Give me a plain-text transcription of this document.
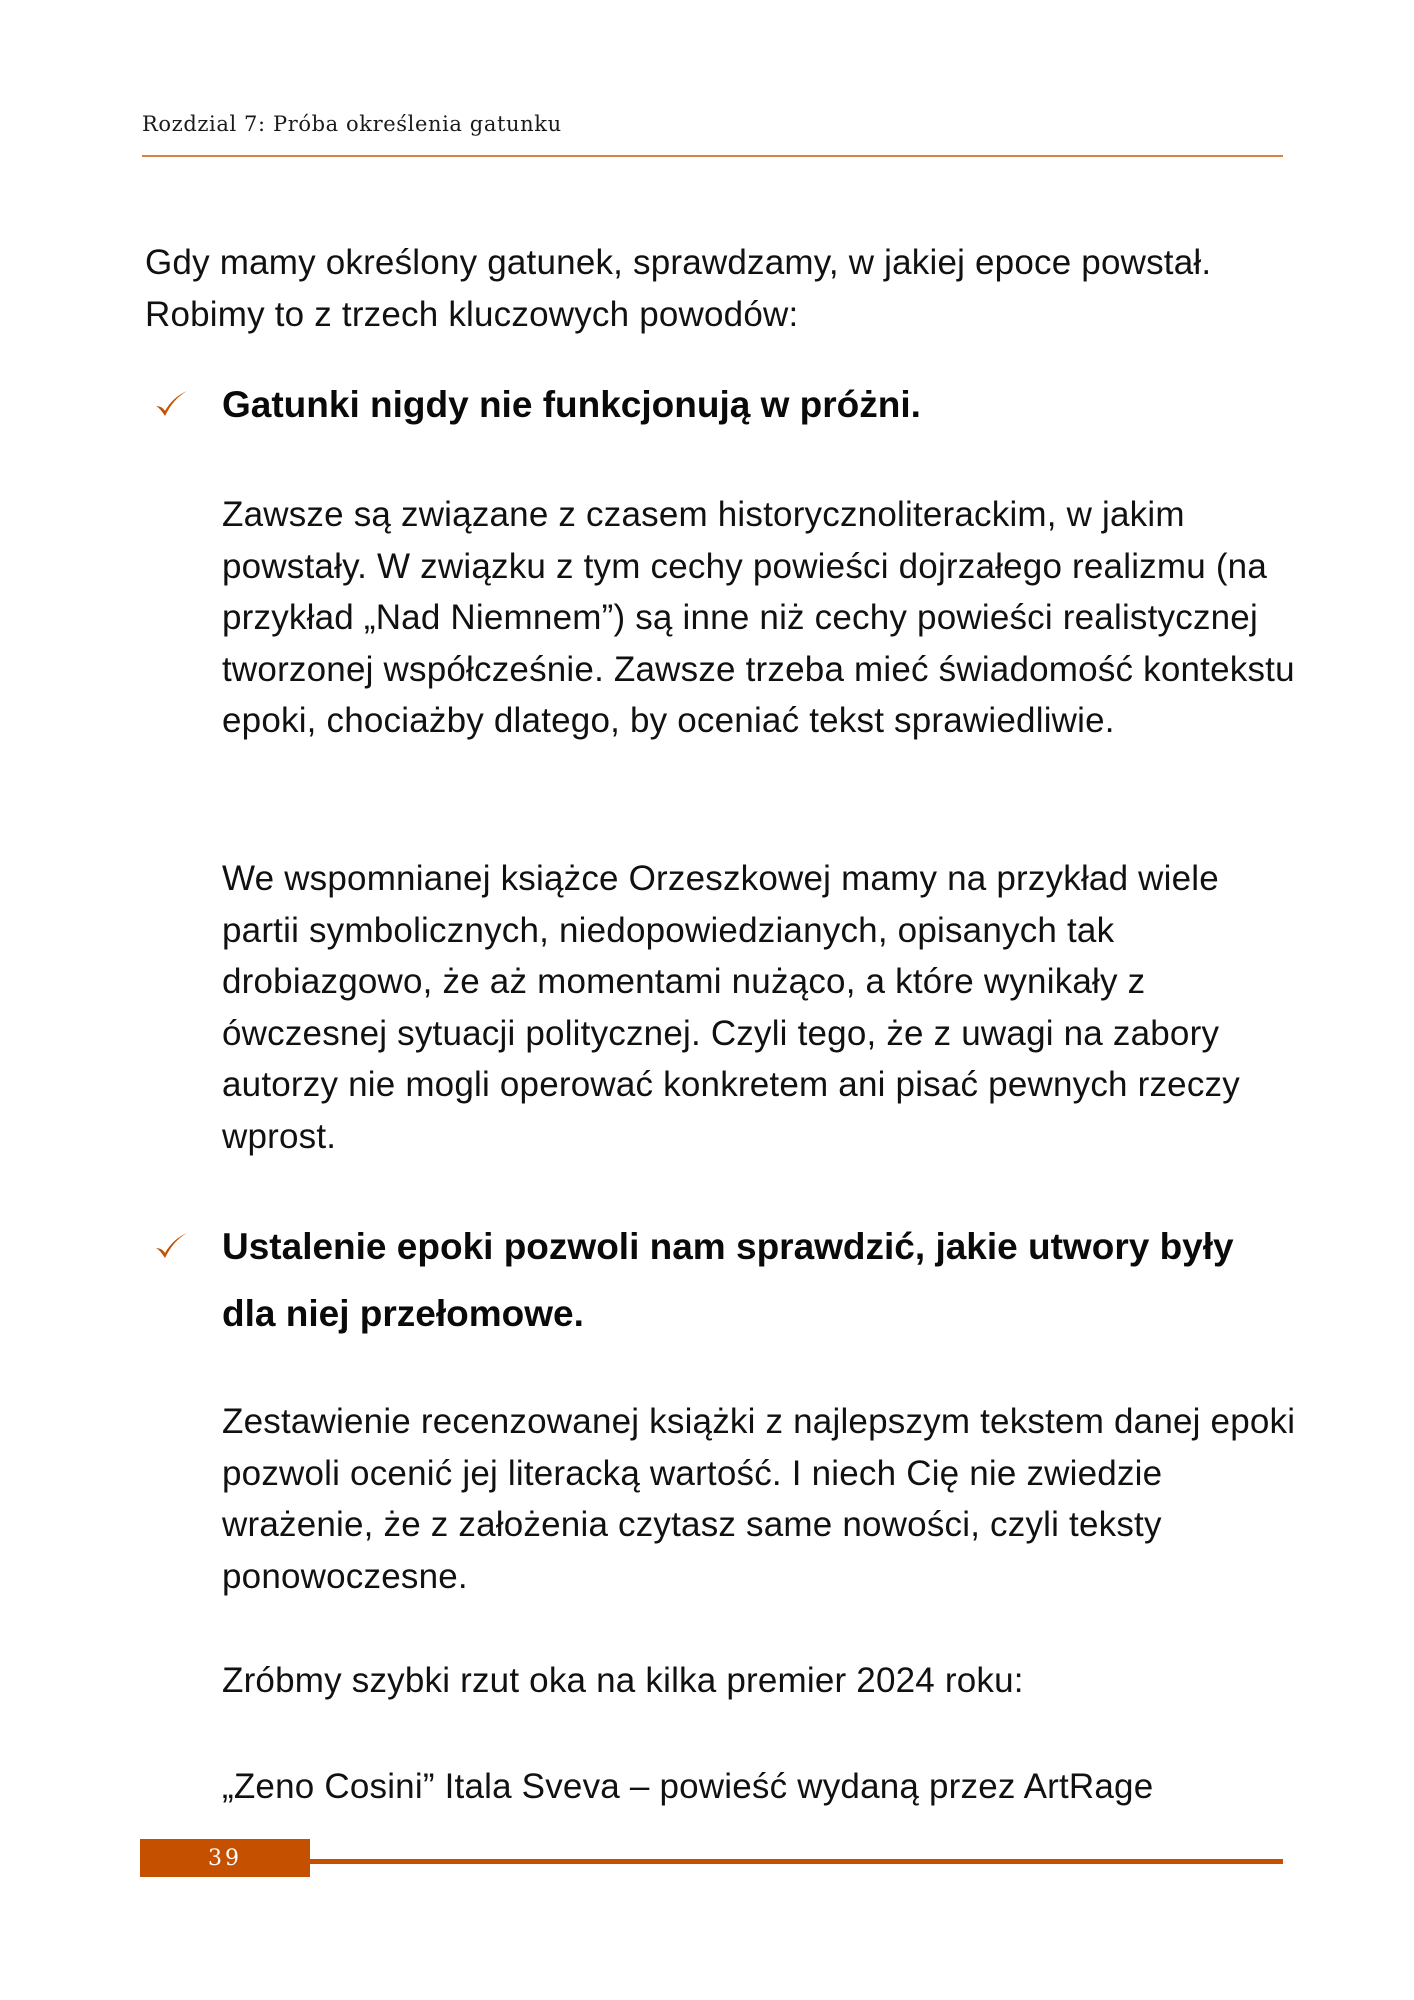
Rozdzial 7: Próba określenia gatunku

Gdy mamy określony gatunek, sprawdzamy, w jakiej epoce powstał. Robimy to z trzech kluczowych powodów:

Gatunki nigdy nie funkcjonują w próżni.

Zawsze są związane z czasem historycznoliterackim, w jakim powstały. W związku z tym cechy powieści dojrzałego realizmu (na przykład „Nad Niemnem”) są inne niż cechy powieści realistycznej tworzonej współcześnie. Zawsze trzeba mieć świadomość kontekstu epoki, chociażby dlatego, by oceniać tekst sprawiedliwie.

We wspomnianej książce Orzeszkowej mamy na przykład wiele partii symbolicznych, niedopowiedzianych, opisanych tak drobiazgowo, że aż momentami nużąco, a które wynikały z ówczesnej sytuacji politycznej. Czyli tego, że z uwagi na zabory autorzy nie mogli operować konkretem ani pisać pewnych rzeczy wprost.

Ustalenie epoki pozwoli nam sprawdzić, jakie utwory były dla niej przełomowe.

Zestawienie recenzowanej książki z najlepszym tekstem danej epoki pozwoli ocenić jej literacką wartość. I niech Cię nie zwiedzie wrażenie, że z założenia czytasz same nowości, czyli teksty ponowoczesne.

Zróbmy szybki rzut oka na kilka premier 2024 roku:

„Zeno Cosini” Itala Sveva – powieść wydaną przez ArtRage

39
